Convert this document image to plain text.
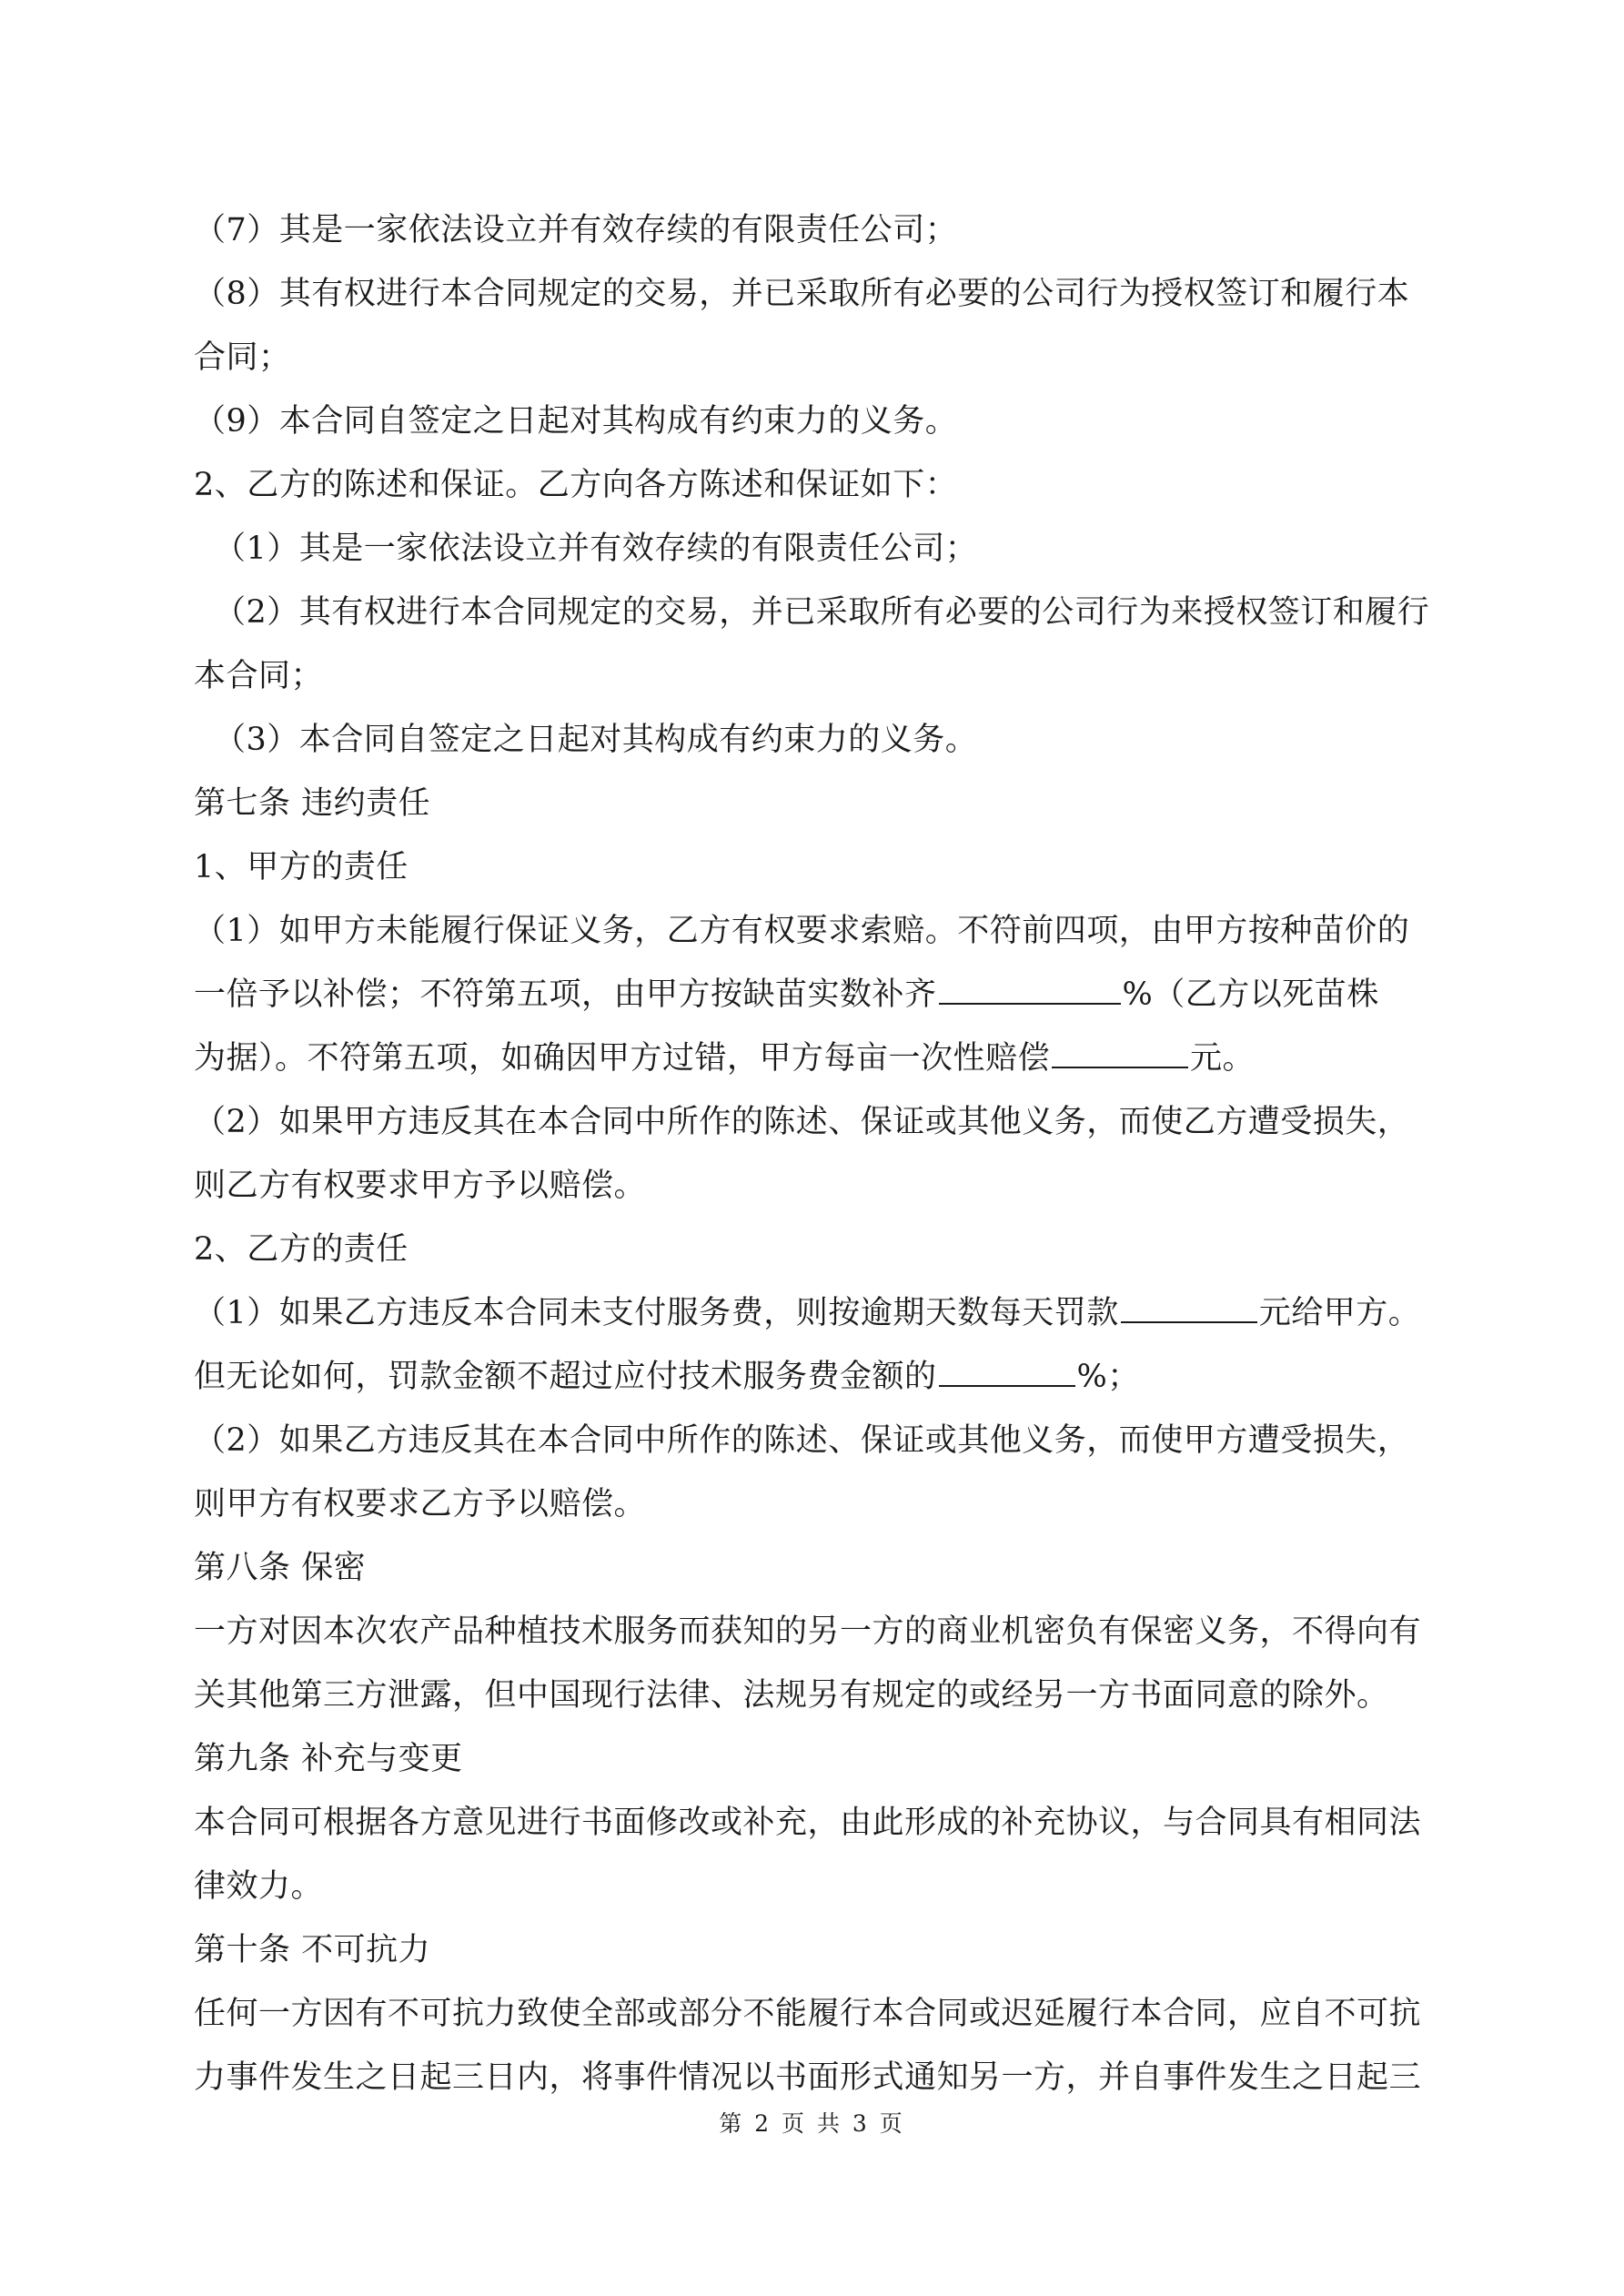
（7）其是一家依法设立并有效存续的有限责任公司；
（8）其有权进行本合同规定的交易，并已采取所有必要的公司行为授权签订和履行本
合同；
（9）本合同自签定之日起对其构成有约束力的义务。
2、乙方的陈述和保证。乙方向各方陈述和保证如下：
（1）其是一家依法设立并有效存续的有限责任公司；
（2）其有权进行本合同规定的交易，并已采取所有必要的公司行为来授权签订和履行
本合同；
（3）本合同自签定之日起对其构成有约束力的义务。
第七条 违约责任
1、甲方的责任
（1）如甲方未能履行保证义务，乙方有权要求索赔。不符前四项，由甲方按种苗价的
一倍予以补偿；不符第五项，由甲方按缺苗实数补齐	%（乙方以死苗株
为据）。不符第五项，如确因甲方过错，甲方每亩一次性赔偿	元。
（2）如果甲方违反其在本合同中所作的陈述、保证或其他义务，而使乙方遭受损失，
则乙方有权要求甲方予以赔偿。
2、乙方的责任
（1）如果乙方违反本合同未支付服务费，则按逾期天数每天罚款	元给甲方。
但无论如何，罚款金额不超过应付技术服务费金额的	%；
（2）如果乙方违反其在本合同中所作的陈述、保证或其他义务，而使甲方遭受损失，
则甲方有权要求乙方予以赔偿。
第八条 保密
一方对因本次农产品种植技术服务而获知的另一方的商业机密负有保密义务，不得向有
关其他第三方泄露，但中国现行法律、法规另有规定的或经另一方书面同意的除外。
第九条 补充与变更
本合同可根据各方意见进行书面修改或补充，由此形成的补充协议，与合同具有相同法
律效力。
第十条 不可抗力
任何一方因有不可抗力致使全部或部分不能履行本合同或迟延履行本合同，应自不可抗
力事件发生之日起三日内，将事件情况以书面形式通知另一方，并自事件发生之日起三
第 2 页 共 3 页
